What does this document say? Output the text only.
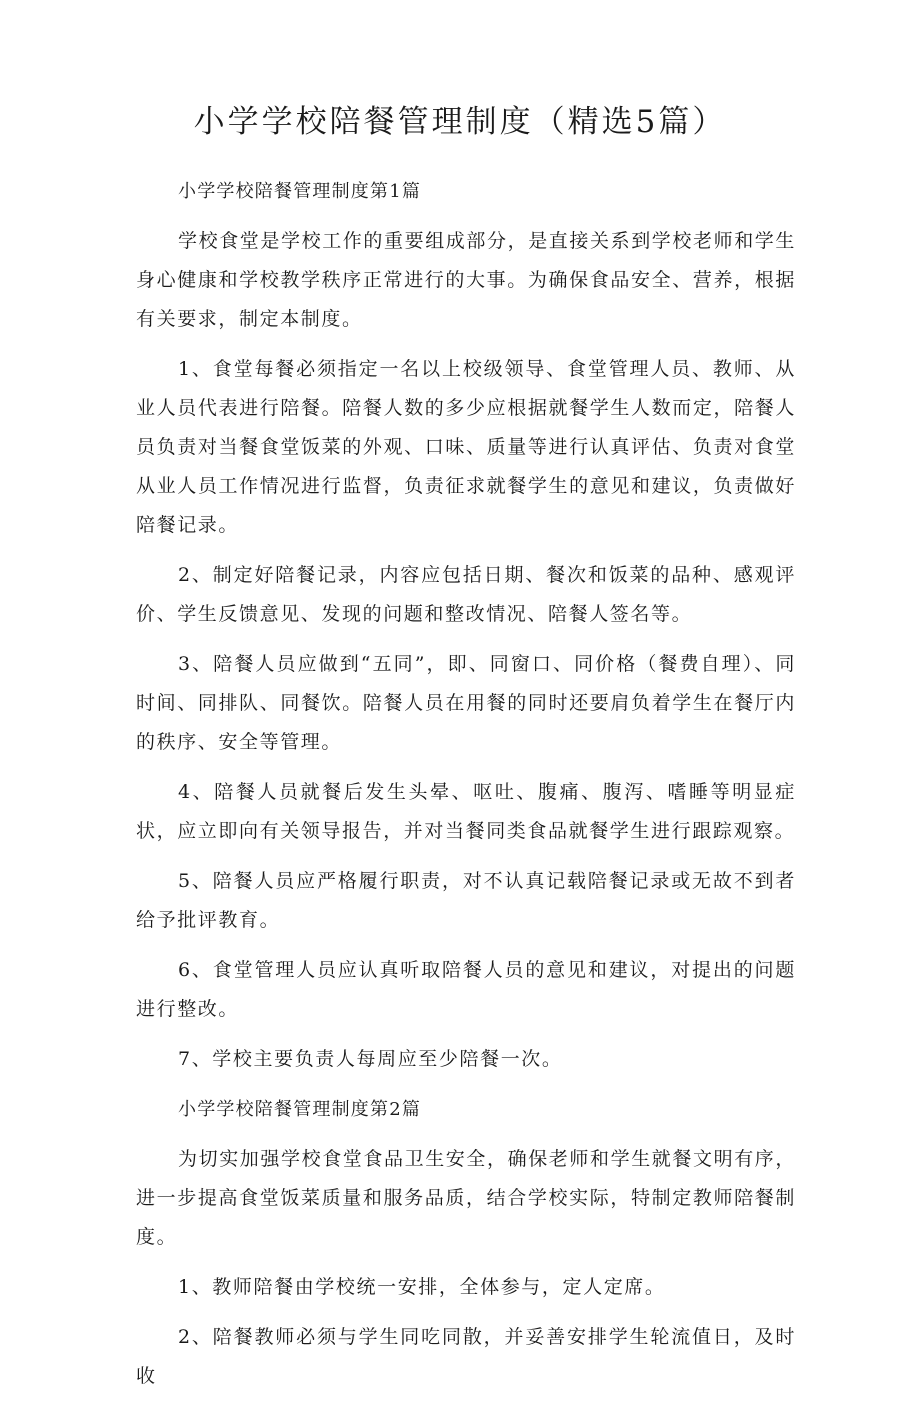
小学学校陪餐管理制度（精选5篇）

小学学校陪餐管理制度第1篇

学校食堂是学校工作的重要组成部分，是直接关系到学校老师和学生身心健康和学校教学秩序正常进行的大事。为确保食品安全、营养，根据有关要求，制定本制度。

1、食堂每餐必须指定一名以上校级领导、食堂管理人员、教师、从业人员代表进行陪餐。陪餐人数的多少应根据就餐学生人数而定，陪餐人员负责对当餐食堂饭菜的外观、口味、质量等进行认真评估、负责对食堂从业人员工作情况进行监督，负责征求就餐学生的意见和建议，负责做好陪餐记录。

2、制定好陪餐记录，内容应包括日期、餐次和饭菜的品种、感观评价、学生反馈意见、发现的问题和整改情况、陪餐人签名等。

3、陪餐人员应做到“五同”，即、同窗口、同价格（餐费自理）、同时间、同排队、同餐饮。陪餐人员在用餐的同时还要肩负着学生在餐厅内的秩序、安全等管理。

4、陪餐人员就餐后发生头晕、呕吐、腹痛、腹泻、嗜睡等明显症状，应立即向有关领导报告，并对当餐同类食品就餐学生进行跟踪观察。

5、陪餐人员应严格履行职责，对不认真记载陪餐记录或无故不到者给予批评教育。

6、食堂管理人员应认真听取陪餐人员的意见和建议，对提出的问题进行整改。

7、学校主要负责人每周应至少陪餐一次。

小学学校陪餐管理制度第2篇

为切实加强学校食堂食品卫生安全，确保老师和学生就餐文明有序，进一步提高食堂饭菜质量和服务品质，结合学校实际，特制定教师陪餐制度。

1、教师陪餐由学校统一安排，全体参与，定人定席。

2、陪餐教师必须与学生同吃同散，并妥善安排学生轮流值日，及时收
